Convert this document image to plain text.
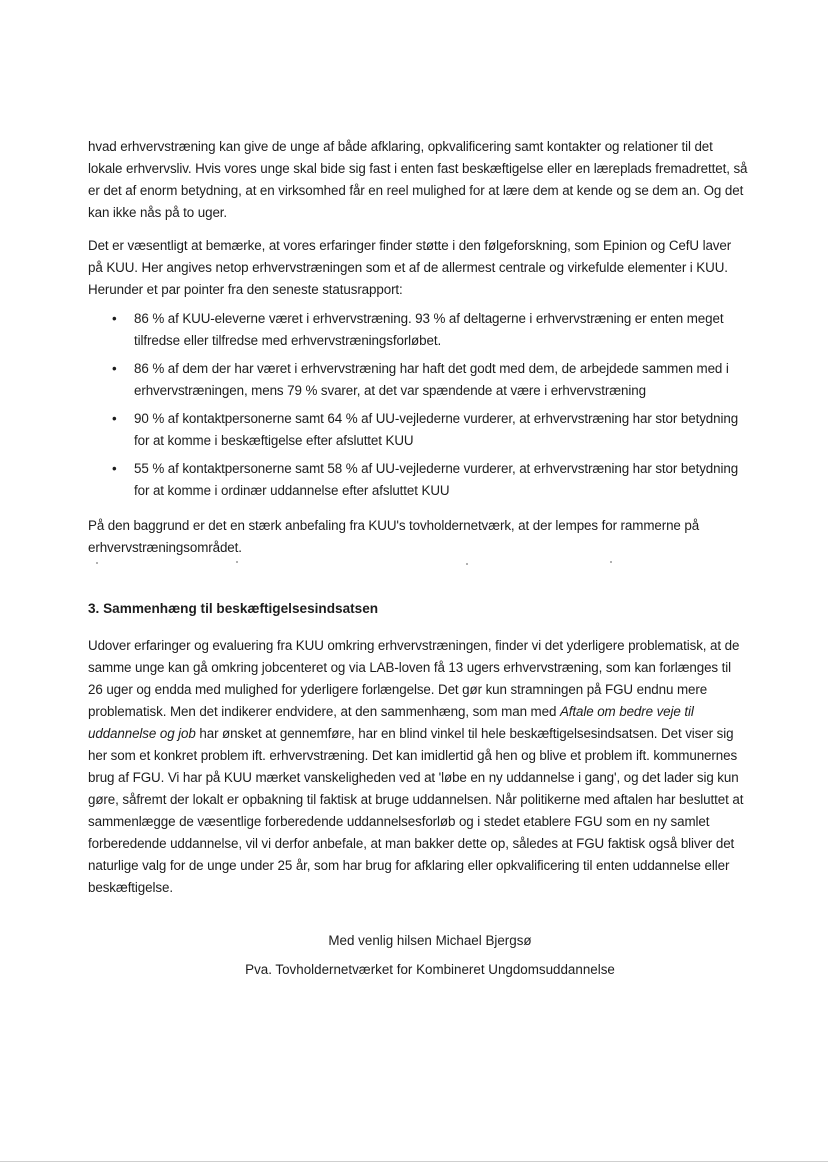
hvad erhvervstræning kan give de unge af både afklaring, opkvalificering samt kontakter og relationer til det lokale erhvervsliv. Hvis vores unge skal bide sig fast i enten fast beskæftigelse eller en læreplads fremadrettet, så er det af enorm betydning, at en virksomhed får en reel mulighed for at lære dem at kende og se dem an. Og det kan ikke nås på to uger.

Det er væsentligt at bemærke, at vores erfaringer finder støtte i den følgeforskning, som Epinion og CefU laver på KUU. Her angives netop erhvervstræningen som et af de allermest centrale og virkefulde elementer i KUU. Herunder et par pointer fra den seneste statusrapport:

• 86 % af KUU-eleverne været i erhvervstræning. 93 % af deltagerne i erhvervstræning er enten meget tilfredse eller tilfredse med erhvervstræningsforløbet.
• 86 % af dem der har været i erhvervstræning har haft det godt med dem, de arbejdede sammen med i erhvervstræningen, mens 79 % svarer, at det var spændende at være i erhvervstræning
• 90 % af kontaktpersonerne samt 64 % af UU-vejlederne vurderer, at erhvervstræning har stor betydning for at komme i beskæftigelse efter afsluttet KUU
• 55 % af kontaktpersonerne samt 58 % af UU-vejlederne vurderer, at erhvervstræning har stor betydning for at komme i ordinær uddannelse efter afsluttet KUU

På den baggrund er det en stærk anbefaling fra KUU's tovholdernetværk, at der lempes for rammerne på erhvervstræningsområdet.

3. Sammenhæng til beskæftigelsesindsatsen

Udover erfaringer og evaluering fra KUU omkring erhvervstræningen, finder vi det yderligere problematisk, at de samme unge kan gå omkring jobcenteret og via LAB-loven få 13 ugers erhvervstræning, som kan forlænges til 26 uger og endda med mulighed for yderligere forlængelse. Det gør kun stramningen på FGU endnu mere problematisk. Men det indikerer endvidere, at den sammenhæng, som man med Aftale om bedre veje til uddannelse og job har ønsket at gennemføre, har en blind vinkel til hele beskæftigelsesindsatsen. Det viser sig her som et konkret problem ift. erhvervstræning. Det kan imidlertid gå hen og blive et problem ift. kommunernes brug af FGU. Vi har på KUU mærket vanskeligheden ved at 'løbe en ny uddannelse i gang', og det lader sig kun gøre, såfremt der lokalt er opbakning til faktisk at bruge uddannelsen. Når politikerne med aftalen har besluttet at sammenlægge de væsentlige forberedende uddannelsesforløb og i stedet etablere FGU som en ny samlet forberedende uddannelse, vil vi derfor anbefale, at man bakker dette op, således at FGU faktisk også bliver det naturlige valg for de unge under 25 år, som har brug for afklaring eller opkvalificering til enten uddannelse eller beskæftigelse.

Med venlig hilsen Michael Bjergsø
Pva. Tovholdernetværket for Kombineret Ungdomsuddannelse
